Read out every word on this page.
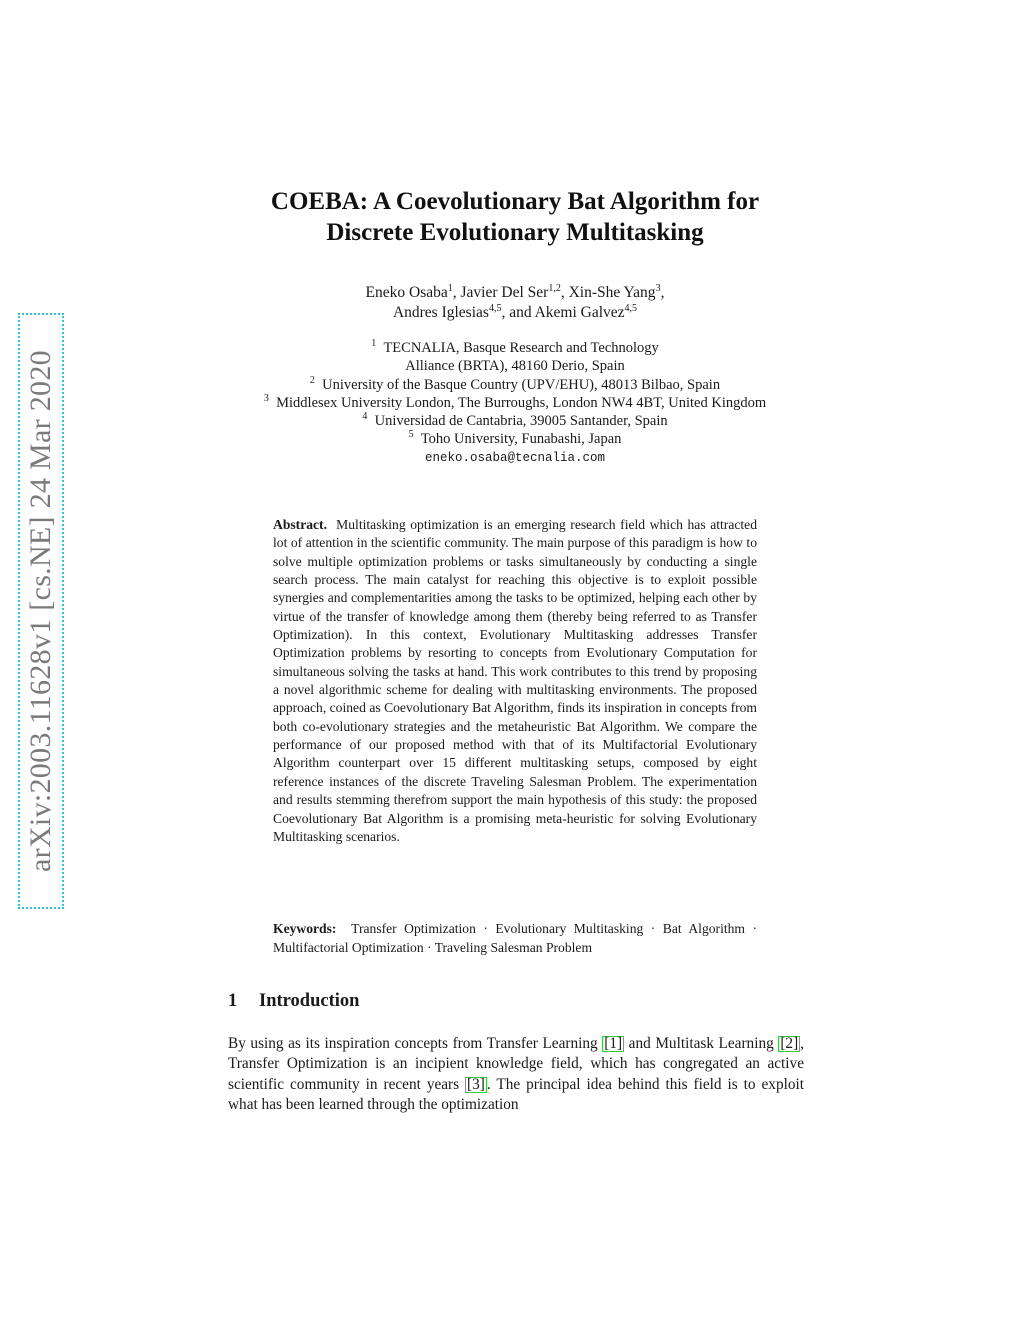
arXiv:2003.11628v1 [cs.NE] 24 Mar 2020
COEBA: A Coevolutionary Bat Algorithm for
Discrete Evolutionary Multitasking
Eneko Osaba$^1$, Javier Del Ser$^{1,2}$, Xin-She Yang$^3$,
Andres Iglesias$^{4,5}$, and Akemi Galvez$^{4,5}$
$^1$ TECNALIA, Basque Research and Technology
Alliance (BRTA), 48160 Derio, Spain
$^2$ University of the Basque Country (UPV/EHU), 48013 Bilbao, Spain
$^3$ Middlesex University London, The Burroughs, London NW4 4BT, United Kingdom
$^4$ Universidad de Cantabria, 39005 Santander, Spain
$^5$ Toho University, Funabashi, Japan
eneko.osaba@tecnalia.com
Abstract. Multitasking optimization is an emerging research field which has attracted lot of attention in the scientific community. The main purpose of this paradigm is how to solve multiple optimization problems or tasks simultaneously by conducting a single search process. The main catalyst for reaching this objective is to exploit possible synergies and complementarities among the tasks to be optimized, helping each other by virtue of the transfer of knowledge among them (thereby being referred to as Transfer Optimization). In this context, Evolutionary Multitasking addresses Transfer Optimization problems by resorting to concepts from Evolutionary Computation for simultaneous solving the tasks at hand. This work contributes to this trend by proposing a novel algorithmic scheme for dealing with multitasking environments. The proposed approach, coined as Coevolutionary Bat Algorithm, finds its inspiration in concepts from both co-evolutionary strategies and the metaheuristic Bat Algorithm. We compare the performance of our proposed method with that of its Multifactorial Evolutionary Algorithm counterpart over 15 different multitasking setups, composed by eight reference instances of the discrete Traveling Salesman Problem. The experimentation and results stemming therefrom support the main hypothesis of this study: the proposed Coevolutionary Bat Algorithm is a promising meta-heuristic for solving Evolutionary Multitasking scenarios.
Keywords: Transfer Optimization · Evolutionary Multitasking · Bat Algorithm · Multifactorial Optimization · Traveling Salesman Problem
1 Introduction
By using as its inspiration concepts from Transfer Learning [1] and Multitask Learning [2] , Transfer Optimization is an incipient knowledge field, which has congregated an active scientific community in recent years [3] . The principal idea behind this field is to exploit what has been learned through the optimization
